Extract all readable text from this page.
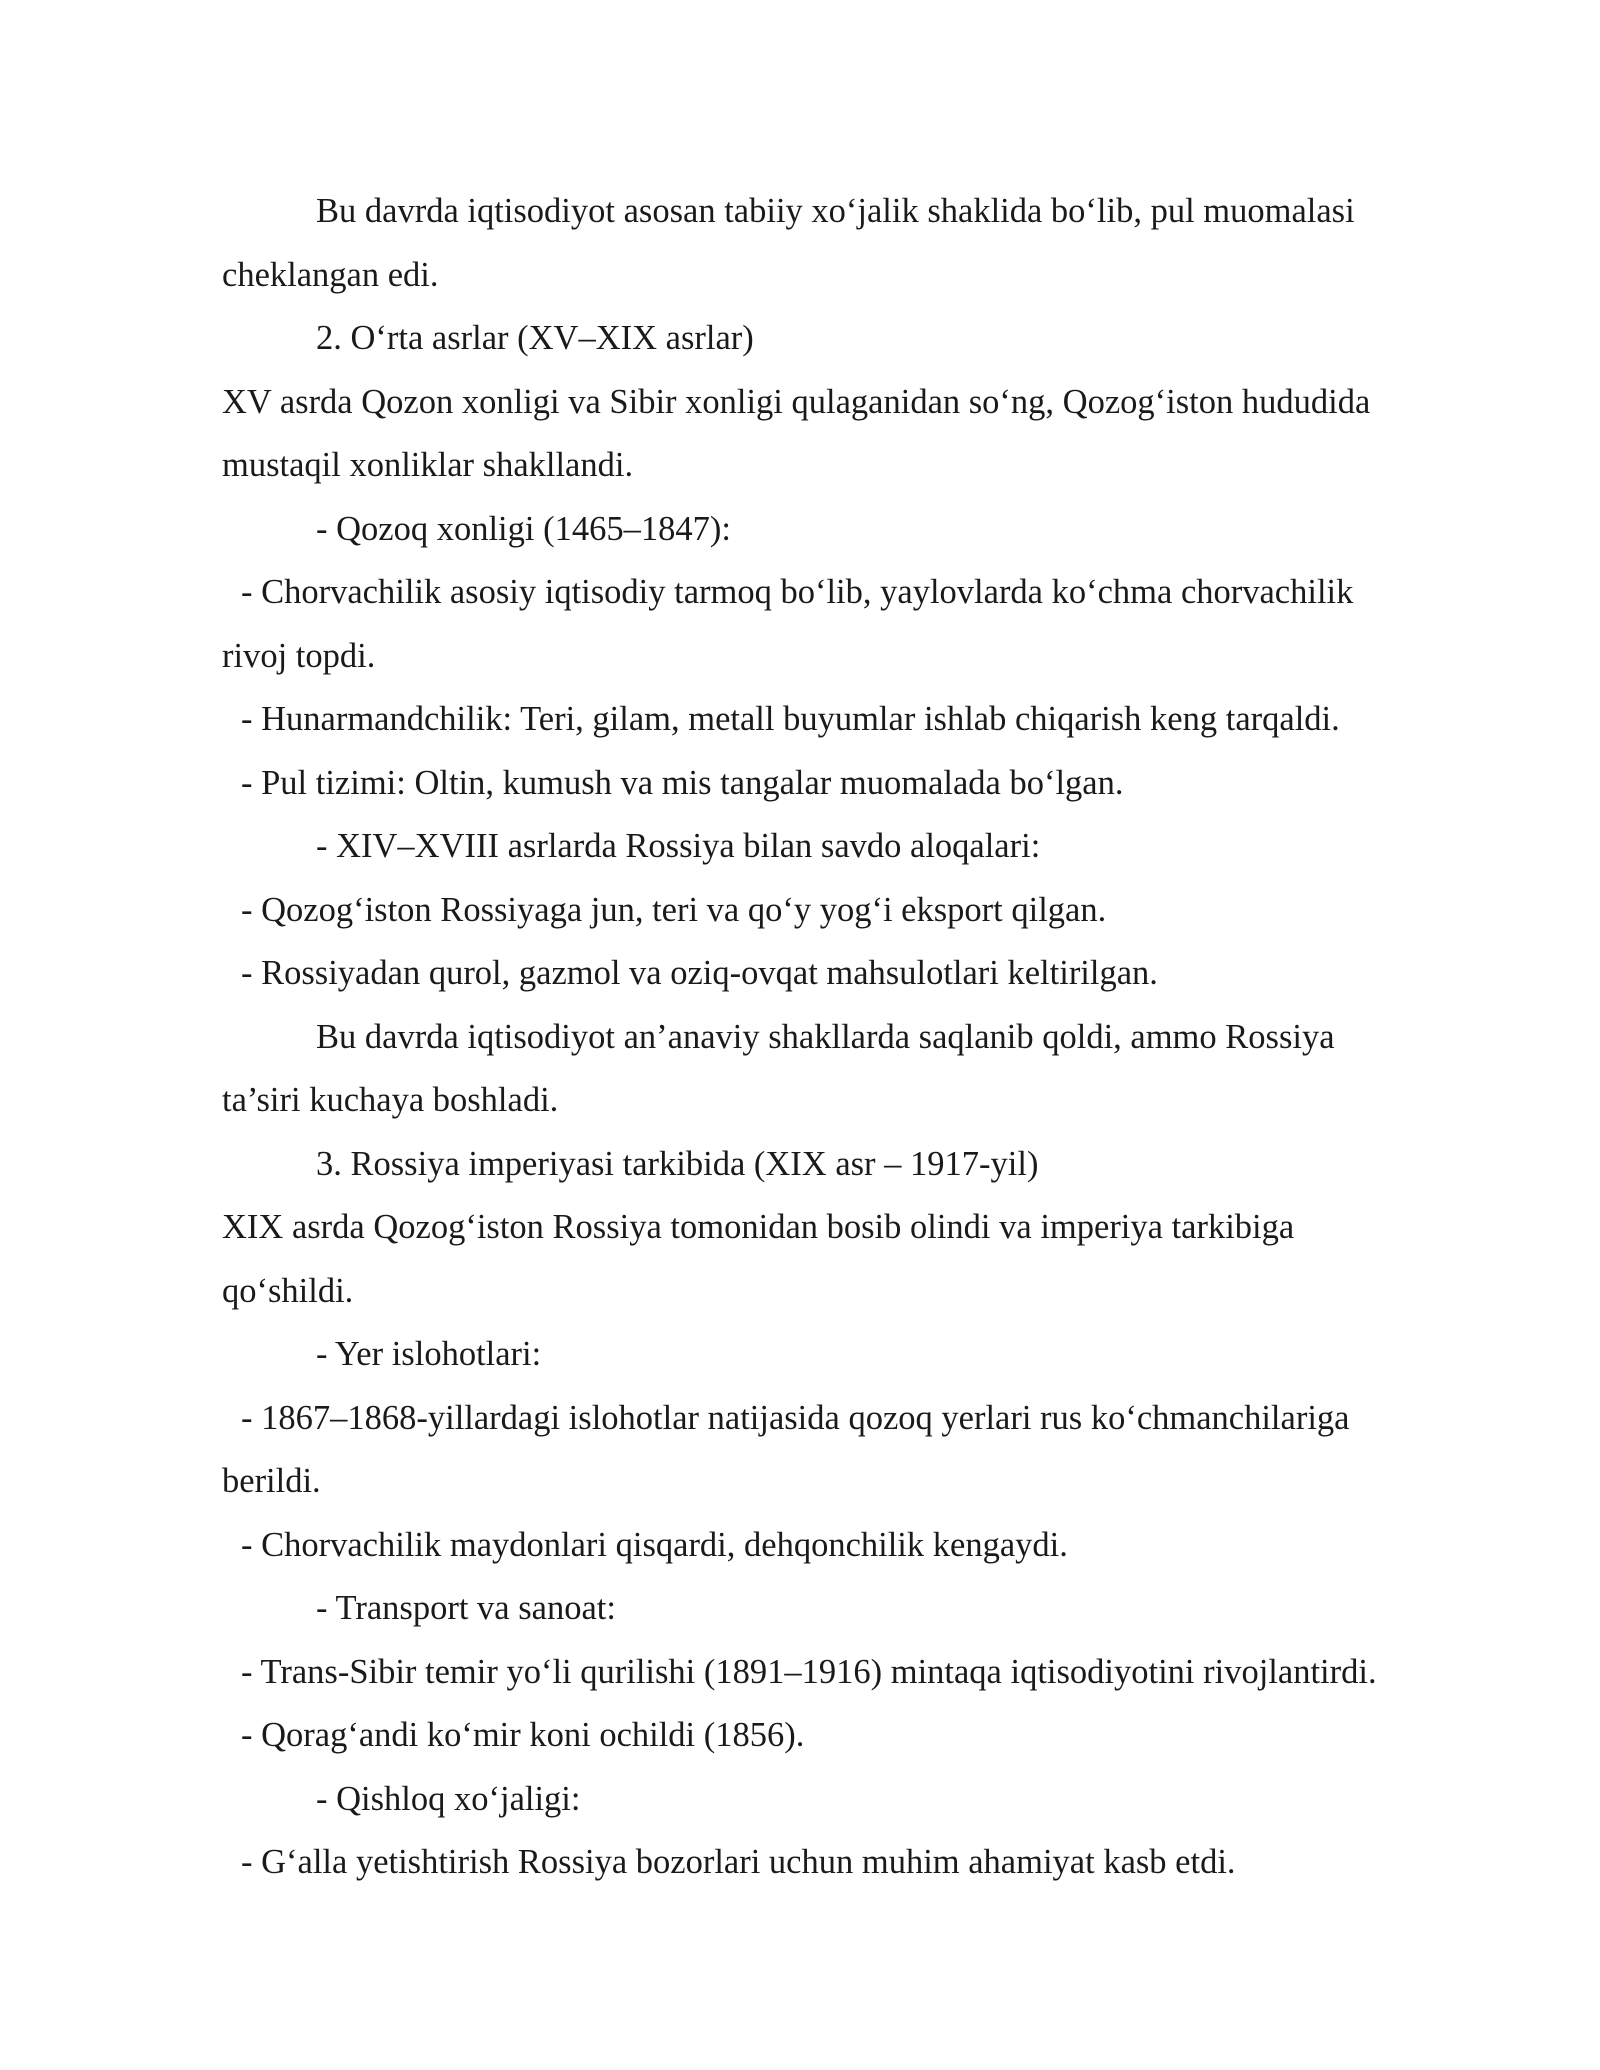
Bu davrda iqtisodiyot asosan tabiiy xo‘jalik shaklida bo‘lib, pul muomalasi
cheklangan edi.
2. O‘rta asrlar (XV–XIX asrlar)
XV asrda Qozon xonligi va Sibir xonligi qulaganidan so‘ng, Qozog‘iston hududida
mustaqil xonliklar shakllandi.
- Qozoq xonligi (1465–1847):
- Chorvachilik asosiy iqtisodiy tarmoq bo‘lib, yaylovlarda ko‘chma chorvachilik
rivoj topdi.
- Hunarmandchilik: Teri, gilam, metall buyumlar ishlab chiqarish keng tarqaldi.
- Pul tizimi: Oltin, kumush va mis tangalar muomalada bo‘lgan.
- XIV–XVIII asrlarda Rossiya bilan savdo aloqalari:
- Qozog‘iston Rossiyaga jun, teri va qo‘y yog‘i eksport qilgan.
- Rossiyadan qurol, gazmol va oziq-ovqat mahsulotlari keltirilgan.
Bu davrda iqtisodiyot an’anaviy shakllarda saqlanib qoldi, ammo Rossiya
ta’siri kuchaya boshladi.
3. Rossiya imperiyasi tarkibida (XIX asr – 1917-yil)
XIX asrda Qozog‘iston Rossiya tomonidan bosib olindi va imperiya tarkibiga
qo‘shildi.
- Yer islohotlari:
- 1867–1868-yillardagi islohotlar natijasida qozoq yerlari rus ko‘chmanchilariga
berildi.
- Chorvachilik maydonlari qisqardi, dehqonchilik kengaydi.
- Transport va sanoat:
- Trans-Sibir temir yo‘li qurilishi (1891–1916) mintaqa iqtisodiyotini rivojlantirdi.
- Qorag‘andi ko‘mir koni ochildi (1856).
- Qishloq xo‘jaligi:
- G‘alla yetishtirish Rossiya bozorlari uchun muhim ahamiyat kasb etdi.
